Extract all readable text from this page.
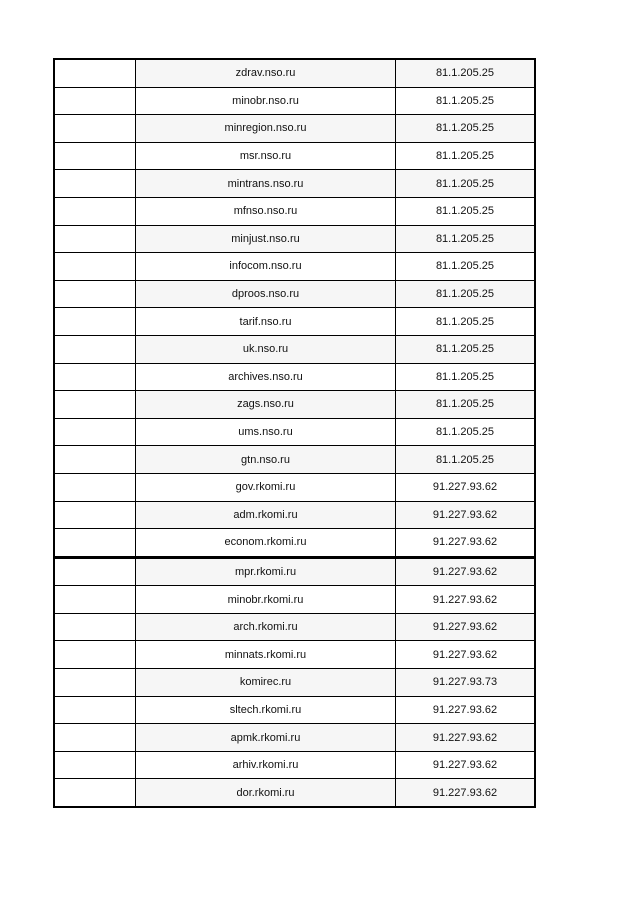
	zdrav.nso.ru	81.1.205.25
	minobr.nso.ru	81.1.205.25
	minregion.nso.ru	81.1.205.25
	msr.nso.ru	81.1.205.25
	mintrans.nso.ru	81.1.205.25
	mfnso.nso.ru	81.1.205.25
	minjust.nso.ru	81.1.205.25
	infocom.nso.ru	81.1.205.25
	dproos.nso.ru	81.1.205.25
	tarif.nso.ru	81.1.205.25
	uk.nso.ru	81.1.205.25
	archives.nso.ru	81.1.205.25
	zags.nso.ru	81.1.205.25
	ums.nso.ru	81.1.205.25
	gtn.nso.ru	81.1.205.25
	gov.rkomi.ru	91.227.93.62
	adm.rkomi.ru	91.227.93.62
	econom.rkomi.ru	91.227.93.62
	mpr.rkomi.ru	91.227.93.62
	minobr.rkomi.ru	91.227.93.62
	arch.rkomi.ru	91.227.93.62
	minnats.rkomi.ru	91.227.93.62
	komirec.ru	91.227.93.73
	sltech.rkomi.ru	91.227.93.62
	apmk.rkomi.ru	91.227.93.62
	arhiv.rkomi.ru	91.227.93.62
	dor.rkomi.ru	91.227.93.62
